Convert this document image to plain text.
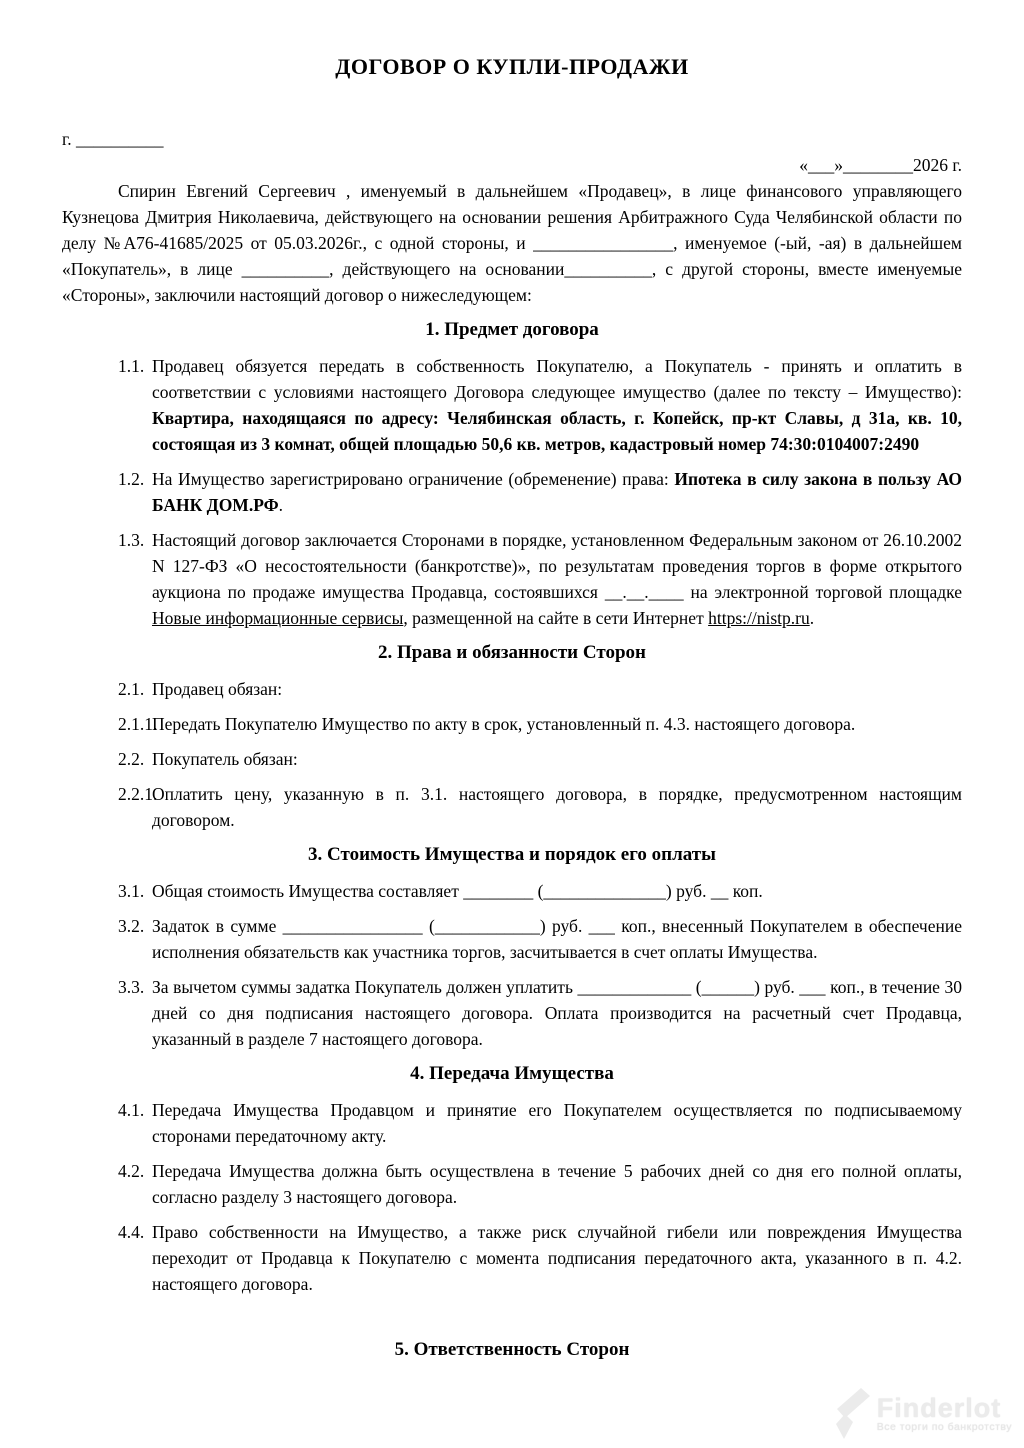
ДОГОВОР О КУПЛИ-ПРОДАЖИ
г. __________
«___»________2026 г.

Спирин Евгений Сергеевич , именуемый в дальнейшем «Продавец», в лице финансового управляющего Кузнецова Дмитрия Николаевича, действующего на основании решения Арбитражного Суда Челябинской области по делу №А76-41685/2025 от 05.03.2026г., с одной стороны, и ________________, именуемое (-ый, -ая) в дальнейшем «Покупатель», в лице __________, действующего на основании__________, с другой стороны, вместе именуемые «Стороны», заключили настоящий договор о нижеследующем:

1. Предмет договора
1.1. Продавец обязуется передать в собственность Покупателю, а Покупатель - принять и оплатить в соответствии с условиями настоящего Договора следующее имущество (далее по тексту – Имущество): Квартира, находящаяся по адресу: Челябинская область, г. Копейск, пр-кт Славы, д 31а, кв. 10, состоящая из 3 комнат, общей площадью 50,6 кв. метров, кадастровый номер 74:30:0104007:2490
1.2. На Имущество зарегистрировано ограничение (обременение) права: Ипотека в силу закона в пользу АО БАНК ДОМ.РФ.
1.3. Настоящий договор заключается Сторонами в порядке, установленном Федеральным законом от 26.10.2002 N 127-ФЗ «О несостоятельности (банкротстве)», по результатам проведения торгов в форме открытого аукциона по продаже имущества Продавца, состоявшихся __.__.____ на электронной торговой площадке Новые информационные сервисы, размещенной на сайте в сети Интернет https://nistp.ru.
2. Права и обязанности Сторон
2.1. Продавец обязан:
2.1.1.
Передать Покупателю Имущество по акту в срок, установленный п. 4.3. настоящего договора.
2.2. Покупатель обязан:
2.2.1.
Оплатить цену, указанную в п. 3.1. настоящего договора, в порядке, предусмотренном настоящим договором.
3. Стоимость Имущества и порядок его оплаты
3.1. Общая стоимость Имущества составляет ________ (______________) руб. __ коп.
3.2. Задаток в сумме ________________ (____________) руб. ___ коп., внесенный Покупателем в обеспечение исполнения обязательств как участника торгов, засчитывается в счет оплаты Имущества.
3.3. За вычетом суммы задатка Покупатель должен уплатить _____________ (______) руб. ___ коп., в течение 30 дней со дня подписания настоящего договора. Оплата производится на расчетный счет Продавца, указанный в разделе 7 настоящего договора.
4. Передача Имущества
4.1. Передача Имущества Продавцом и принятие его Покупателем осуществляется по подписываемому сторонами передаточному акту.
4.2. Передача Имущества должна быть осуществлена в течение 5 рабочих дней со дня его полной оплаты, согласно разделу 3 настоящего договора.
4.4. Право собственности на Имущество, а также риск случайной гибели или повреждения Имущества переходит от Продавца к Покупателю с момента подписания передаточного акта, указанного в п. 4.2. настоящего договора.
5. Ответственность Сторон
Finderlot
Все торги по банкротству
